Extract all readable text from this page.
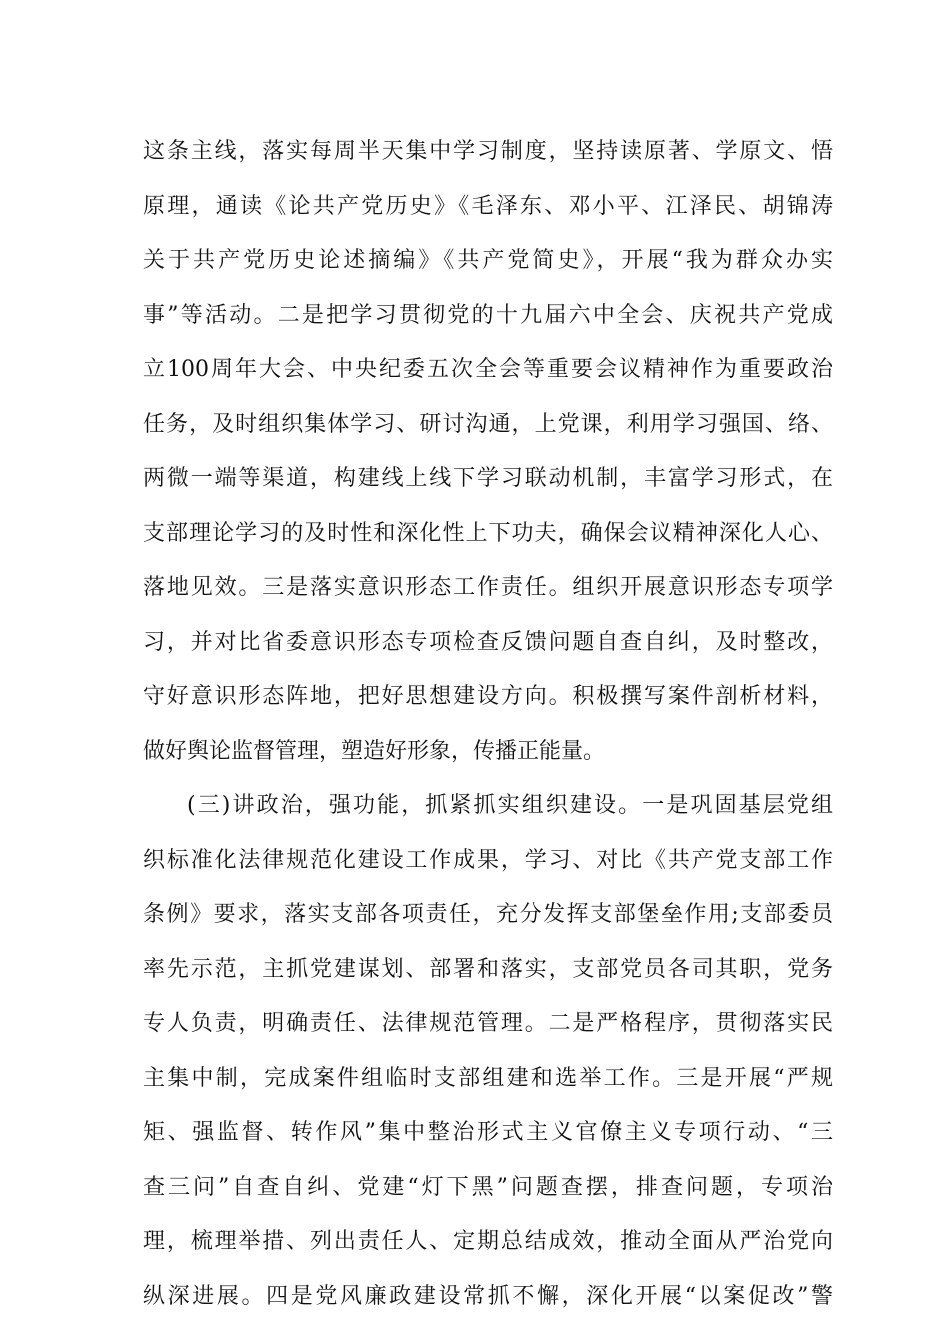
这条主线，落实每周半天集中学习制度，坚持读原著、学原文、悟
原理，通读《论共产党历史》《毛泽东、邓小平、江泽民、胡锦涛
关于共产党历史论述摘编》《共产党简史》，开展“我为群众办实
事”等活动。二是把学习贯彻党的十九届六中全会、庆祝共产党成
立100周年大会、中央纪委五次全会等重要会议精神作为重要政治
任务，及时组织集体学习、研讨沟通，上党课，利用学习强国、络、
两微一端等渠道，构建线上线下学习联动机制，丰富学习形式，在
支部理论学习的及时性和深化性上下功夫，确保会议精神深化人心、
落地见效。三是落实意识形态工作责任。组织开展意识形态专项学
习，并对比省委意识形态专项检查反馈问题自查自纠，及时整改，
守好意识形态阵地，把好思想建设方向。积极撰写案件剖析材料，
做好舆论监督管理，塑造好形象，传播正能量。
(三)讲政治，强功能，抓紧抓实组织建设。一是巩固基层党组
织标准化法律规范化建设工作成果，学习、对比《共产党支部工作
条例》要求，落实支部各项责任，充分发挥支部堡垒作用;支部委员
率先示范，主抓党建谋划、部署和落实，支部党员各司其职，党务
专人负责，明确责任、法律规范管理。二是严格程序，贯彻落实民
主集中制，完成案件组临时支部组建和选举工作。三是开展“严规
矩、强监督、转作风”集中整治形式主义官僚主义专项行动、“三
查三问”自查自纠、党建“灯下黑”问题查摆，排查问题，专项治
理，梳理举措、列出责任人、定期总结成效，推动全面从严治党向
纵深进展。四是党风廉政建设常抓不懈，深化开展“以案促改”警
